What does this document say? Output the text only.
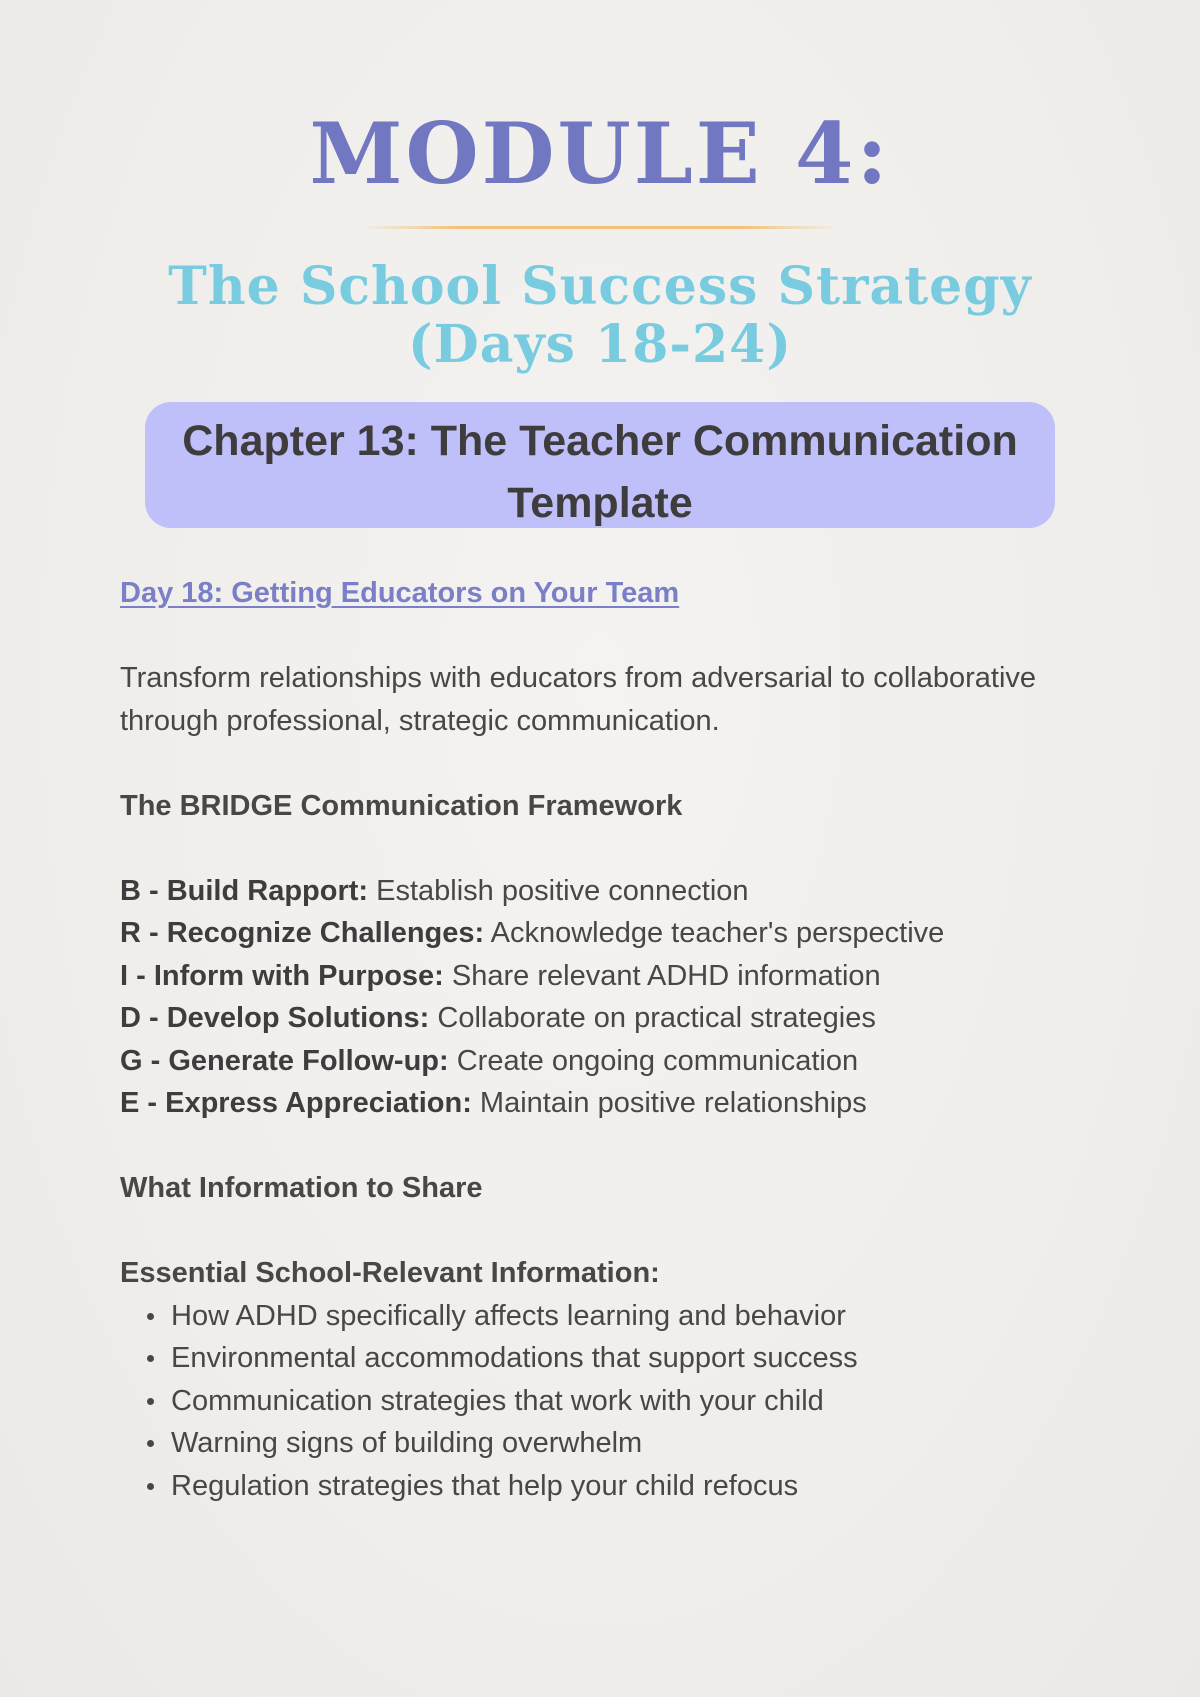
MODULE 4:
The School Success Strategy
(Days 18-24)
Chapter 13: The Teacher Communication
Template
Day 18: Getting Educators on Your Team

Transform relationships with educators from adversarial to collaborative through professional, strategic communication.

The BRIDGE Communication Framework

B - Build Rapport: Establish positive connection
R - Recognize Challenges: Acknowledge teacher's perspective
I - Inform with Purpose: Share relevant ADHD information
D - Develop Solutions: Collaborate on practical strategies
G - Generate Follow-up: Create ongoing communication
E - Express Appreciation: Maintain positive relationships

What Information to Share

Essential School-Relevant Information:

How ADHD specifically affects learning and behavior
Environmental accommodations that support success
Communication strategies that work with your child
Warning signs of building overwhelm
Regulation strategies that help your child refocus
